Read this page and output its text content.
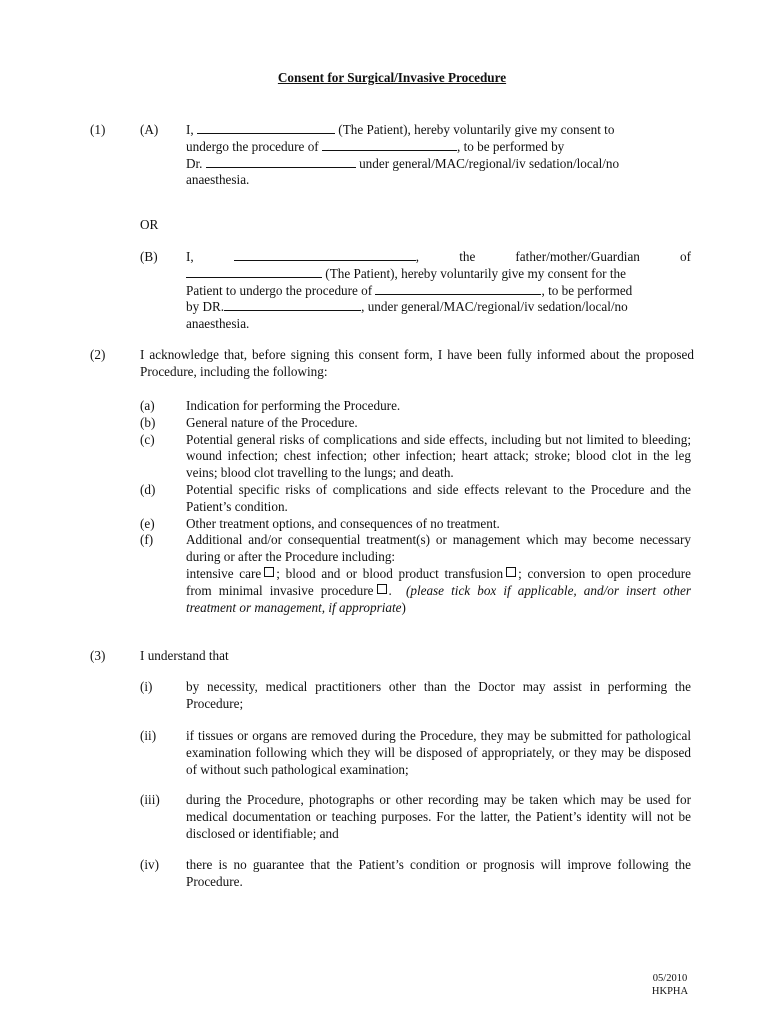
Consent for Surgical/Invasive Procedure
(1)	(A) I,	(The Patient), hereby voluntarily give my consent to
undergo the procedure of	, to be performed by
Dr.	under general/MAC/regional/iv sedation/local/no
anaesthesia.
OR
(B) I,	,	the	father/mother/Guardian	of
(The Patient), hereby voluntarily give my consent for the
Patient to undergo the procedure of	, to be performed
by DR.	, under general/MAC/regional/iv sedation/local/no
anaesthesia.
(2)	I acknowledge that, before signing this consent form, I have been fully informed about the proposed Procedure, including the following:
(a)	Indication for performing the Procedure.
(b)	General nature of the Procedure.
(c)	Potential general risks of complications and side effects, including but not limited to bleeding; wound infection; chest infection; other infection; heart attack; stroke; blood clot in the leg veins; blood clot travelling to the lungs; and death.
(d)	Potential specific risks of complications and side effects relevant to the Procedure and the Patient’s condition.
(e)	Other treatment options, and consequences of no treatment.
(f)	Additional and/or consequential treatment(s) or management which may become necessary during or after the Procedure including:
intensive care ; blood and or blood product transfusion ; conversion to open procedure from minimal invasive procedure . (please tick box if applicable, and/or insert other treatment or management, if appropriate)
(3)	I understand that
(i)	by necessity, medical practitioners other than the Doctor may assist in performing the Procedure;
(ii)	if tissues or organs are removed during the Procedure, they may be submitted for pathological examination following which they will be disposed of appropriately, or they may be disposed of without such pathological examination;
(iii)	during the Procedure, photographs or other recording may be taken which may be used for medical documentation or teaching purposes. For the latter, the Patient’s identity will not be disclosed or identifiable; and
(iv)	there is no guarantee that the Patient’s condition or prognosis will improve following the Procedure.
05/2010
HKPHA
